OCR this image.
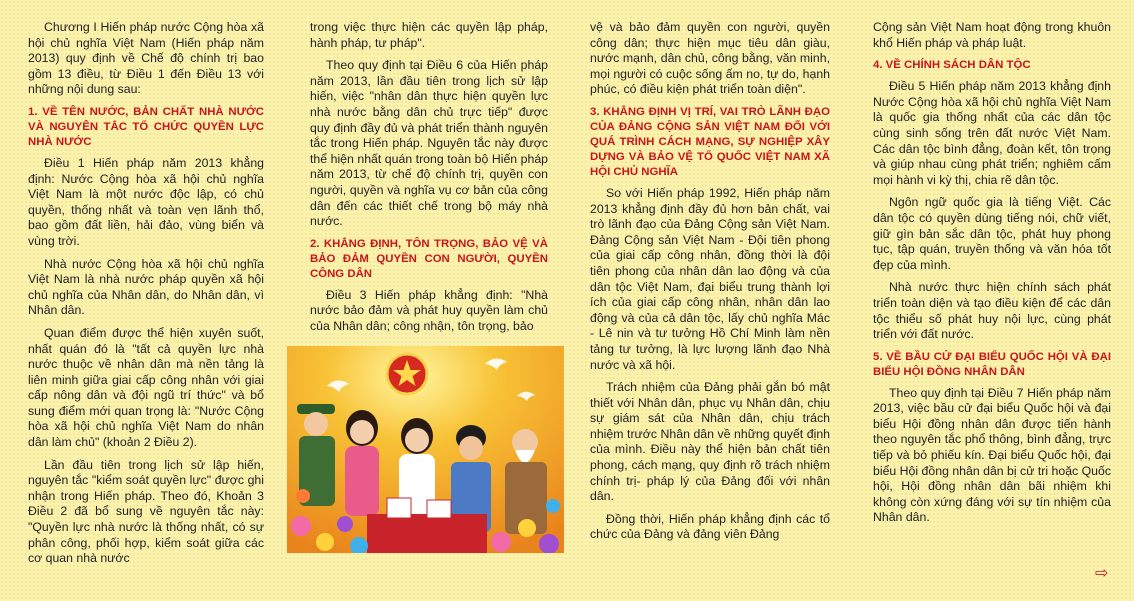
Chương I Hiến pháp nước Cộng hòa xã hội chủ nghĩa Việt Nam (Hiến pháp năm 2013) quy định về Chế độ chính trị bao gồm 13 điều, từ Điều 1 đến Điều 13 với những nội dung sau:

1. VỀ TÊN NƯỚC, BẢN CHẤT NHÀ NƯỚC VÀ NGUYÊN TẮC TỔ CHỨC QUYỀN LỰC NHÀ NƯỚC

Điều 1 Hiến pháp năm 2013 khẳng định: Nước Cộng hòa xã hội chủ nghĩa Việt Nam là một nước độc lập, có chủ quyền, thống nhất và toàn vẹn lãnh thổ, bao gồm đất liền, hải đảo, vùng biển và vùng trời.

Nhà nước Cộng hòa xã hội chủ nghĩa Việt Nam là nhà nước pháp quyền xã hội chủ nghĩa của Nhân dân, do Nhân dân, vì Nhân dân.

Quan điểm được thể hiện xuyên suốt, nhất quán đó là "tất cả quyền lực nhà nước thuộc về nhân dân mà nền tảng là liên minh giữa giai cấp công nhân với giai cấp nông dân và đội ngũ trí thức" và bổ sung điểm mới quan trọng là: "Nước Cộng hòa xã hội chủ nghĩa Việt Nam do nhân dân làm chủ" (khoản 2 Điều 2).

Lần đầu tiên trong lịch sử lập hiến, nguyên tắc "kiểm soát quyền lực" được ghi nhận trong Hiến pháp. Theo đó, Khoản 3 Điều 2 đã bổ sung về nguyên tắc này: "Quyền lực nhà nước là thống nhất, có sự phân công, phối hợp, kiểm soát giữa các cơ quan nhà nước

trong việc thực hiện các quyền lập pháp, hành pháp, tư pháp".

Theo quy định tại Điều 6 của Hiến pháp năm 2013, lần đầu tiên trong lịch sử lập hiến, việc "nhân dân thực hiện quyền lực nhà nước bằng dân chủ trực tiếp" được quy định đầy đủ và phát triển thành nguyên tắc trong Hiến pháp. Nguyên tắc này được thể hiện nhất quán trong toàn bộ Hiến pháp năm 2013, từ chế độ chính trị, quyền con người, quyền và nghĩa vụ cơ bản của công dân đến các thiết chế trong bộ máy nhà nước.

2. KHẲNG ĐỊNH, TÔN TRỌNG, BẢO VỆ VÀ BẢO ĐẢM QUYỀN CON NGƯỜI, QUYỀN CÔNG DÂN

Điều 3 Hiến pháp khẳng định: "Nhà nước bảo đảm và phát huy quyền làm chủ của Nhân dân; công nhận, tôn trọng, bảo

vệ và bảo đảm quyền con người, quyền công dân; thực hiện mục tiêu dân giàu, nước mạnh, dân chủ, công bằng, văn minh, mọi người có cuộc sống ấm no, tự do, hạnh phúc, có điều kiện phát triển toàn diện".

3. KHẲNG ĐỊNH VỊ TRÍ, VAI TRÒ LÃNH ĐẠO CỦA ĐẢNG CỘNG SẢN VIỆT NAM ĐỐI VỚI QUÁ TRÌNH CÁCH MẠNG, SỰ NGHIỆP XÂY DỰNG VÀ BẢO VỆ TỔ QUỐC VIỆT NAM XÃ HỘI CHỦ NGHĨA

So với Hiến pháp 1992, Hiến pháp năm 2013 khẳng định đầy đủ hơn bản chất, vai trò lãnh đạo của Đảng Cộng sản Việt Nam. Đảng Cộng sản Việt Nam - Đội tiên phong của giai cấp công nhân, đồng thời là đội tiên phong của nhân dân lao động và của dân tộc Việt Nam, đại biểu trung thành lợi ích của giai cấp công nhân, nhân dân lao động và của cả dân tộc, lấy chủ nghĩa Mác - Lê nin và tư tưởng Hồ Chí Minh làm nền tảng tư tưởng, là lực lượng lãnh đạo Nhà nước và xã hội.

Trách nhiệm của Đảng phải gắn bó mật thiết với Nhân dân, phục vụ Nhân dân, chịu sự giám sát của Nhân dân, chịu trách nhiệm trước Nhân dân về những quyết định của mình. Điều này thể hiện bản chất tiên phong, cách mạng, quy định rõ trách nhiệm chính trị- pháp lý của Đảng đối với nhân dân.

Đồng thời, Hiến pháp khẳng định các tổ chức của Đảng và đảng viên Đảng

Cộng sản Việt Nam hoạt động trong khuôn khổ Hiến pháp và pháp luật.

4. VỀ CHÍNH SÁCH DÂN TỘC

Điều 5 Hiến pháp năm 2013 khẳng định Nước Cộng hòa xã hội chủ nghĩa Việt Nam là quốc gia thống nhất của các dân tộc cùng sinh sống trên đất nước Việt Nam. Các dân tộc bình đẳng, đoàn kết, tôn trọng và giúp nhau cùng phát triển; nghiêm cấm mọi hành vi kỳ thị, chia rẽ dân tộc.

Ngôn ngữ quốc gia là tiếng Việt. Các dân tộc có quyền dùng tiếng nói, chữ viết, giữ gìn bản sắc dân tộc, phát huy phong tục, tập quán, truyền thống và văn hóa tốt đẹp của mình.

Nhà nước thực hiện chính sách phát triển toàn diện và tạo điều kiện để các dân tộc thiểu số phát huy nội lực, cùng phát triển với đất nước.

5. VỀ BẦU CỬ ĐẠI BIỂU QUỐC HỘI VÀ ĐẠI BIỂU HỘI ĐỒNG NHÂN DÂN

Theo quy định tại Điều 7 Hiến pháp năm 2013, việc bầu cử đại biểu Quốc hội và đại biểu Hội đồng nhân dân được tiến hành theo nguyên tắc phổ thông, bình đẳng, trực tiếp và bỏ phiếu kín. Đại biểu Quốc hội, đại biểu Hội đồng nhân dân bị cử tri hoặc Quốc hội, Hội đồng nhân dân bãi nhiệm khi không còn xứng đáng với sự tín nhiệm của Nhân dân.

⇨
